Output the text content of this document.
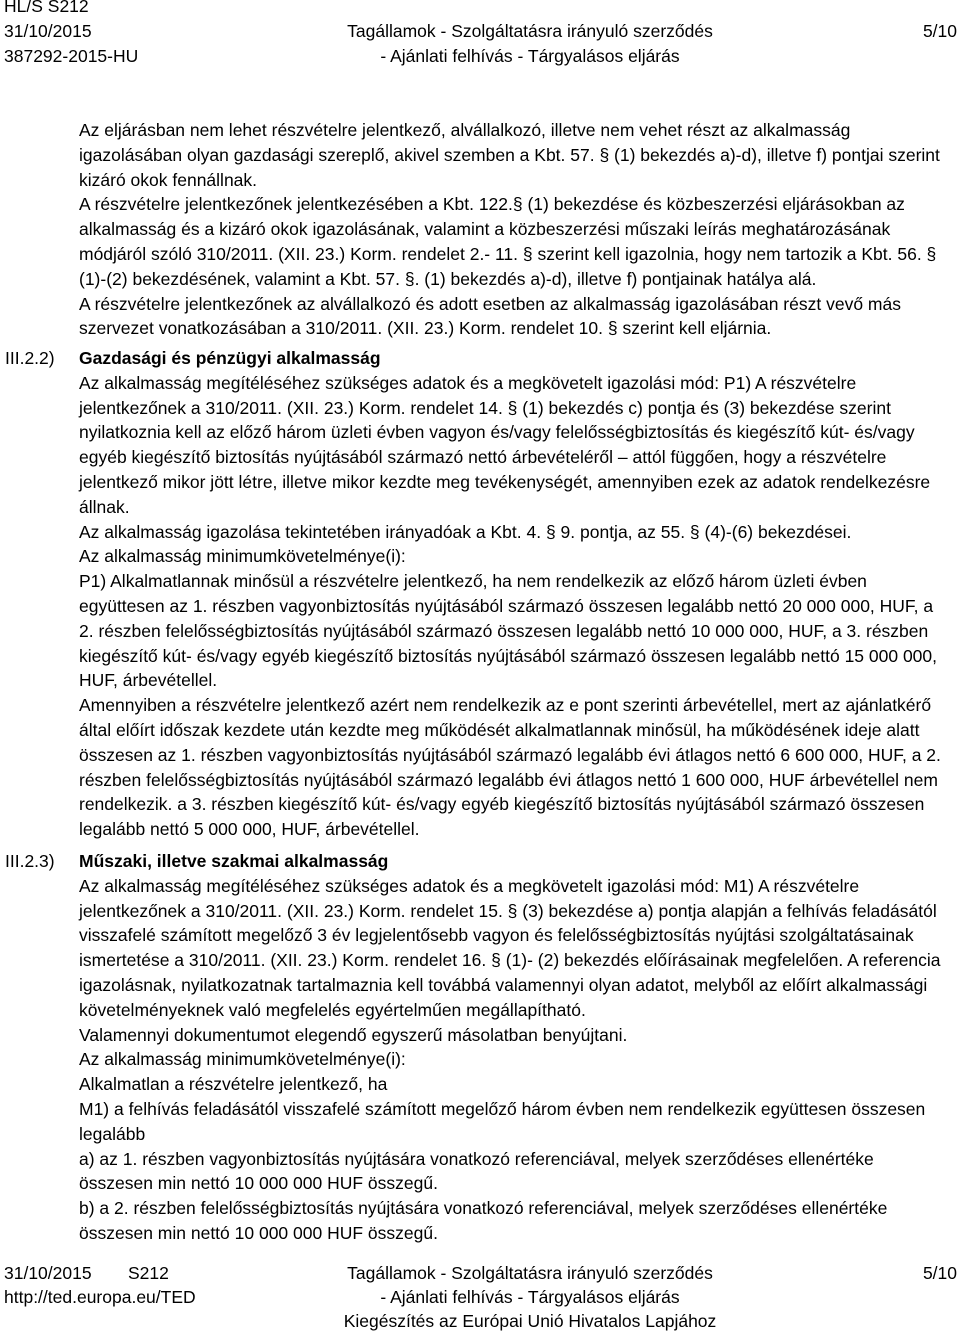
HL/S S212
31/10/2015
387292-2015-HU
Tagállamok - Szolgáltatásra irányuló szerződés
- Ajánlati felhívás - Tárgyalásos eljárás
5/10
Az eljárásban nem lehet részvételre jelentkező, alvállalkozó, illetve nem vehet részt az alkalmasság
igazolásában olyan gazdasági szereplő, akivel szemben a Kbt. 57. § (1) bekezdés a)-d), illetve f) pontjai szerint
kizáró okok fennállnak.
A részvételre jelentkezőnek jelentkezésében a Kbt. 122.§ (1) bekezdése és közbeszerzési eljárásokban az
alkalmasság és a kizáró okok igazolásának, valamint a közbeszerzési műszaki leírás meghatározásának
módjáról szóló 310/2011. (XII. 23.) Korm. rendelet 2.- 11. § szerint kell igazolnia, hogy nem tartozik a Kbt. 56. §
(1)-(2) bekezdésének, valamint a Kbt. 57. §. (1) bekezdés a)-d), illetve f) pontjainak hatálya alá.
A részvételre jelentkezőnek az alvállalkozó és adott esetben az alkalmasság igazolásában részt vevő más
szervezet vonatkozásában a 310/2011. (XII. 23.) Korm. rendelet 10. § szerint kell eljárnia.
III.2.2) Gazdasági és pénzügyi alkalmasság
Az alkalmasság megítéléséhez szükséges adatok és a megkövetelt igazolási mód: P1) A részvételre
jelentkezőnek a 310/2011. (XII. 23.) Korm. rendelet 14. § (1) bekezdés c) pontja és (3) bekezdése szerint
nyilatkoznia kell az előző három üzleti évben vagyon és/vagy felelősségbiztosítás és kiegészítő kút- és/vagy
egyéb kiegészítő biztosítás nyújtásából származó nettó árbevételéről – attól függően, hogy a részvételre
jelentkező mikor jött létre, illetve mikor kezdte meg tevékenységét, amennyiben ezek az adatok rendelkezésre
állnak.
Az alkalmasság igazolása tekintetében irányadóak a Kbt. 4. § 9. pontja, az 55. § (4)-(6) bekezdései.
Az alkalmasság minimumkövetelménye(i):
P1) Alkalmatlannak minősül a részvételre jelentkező, ha nem rendelkezik az előző három üzleti évben
együttesen az 1. részben vagyonbiztosítás nyújtásából származó összesen legalább nettó 20 000 000, HUF, a
2. részben felelősségbiztosítás nyújtásából származó összesen legalább nettó 10 000 000, HUF, a 3. részben
kiegészítő kút- és/vagy egyéb kiegészítő biztosítás nyújtásából származó összesen legalább nettó 15 000 000,
HUF, árbevétellel.
Amennyiben a részvételre jelentkező azért nem rendelkezik az e pont szerinti árbevétellel, mert az ajánlatkérő
által előírt időszak kezdete után kezdte meg működését alkalmatlannak minősül, ha működésének ideje alatt
összesen az 1. részben vagyonbiztosítás nyújtásából származó legalább évi átlagos nettó 6 600 000, HUF, a 2.
részben felelősségbiztosítás nyújtásából származó legalább évi átlagos nettó 1 600 000, HUF árbevétellel nem
rendelkezik. a 3. részben kiegészítő kút- és/vagy egyéb kiegészítő biztosítás nyújtásából származó összesen
legalább nettó 5 000 000, HUF, árbevétellel.
III.2.3) Műszaki, illetve szakmai alkalmasság
Az alkalmasság megítéléséhez szükséges adatok és a megkövetelt igazolási mód: M1) A részvételre
jelentkezőnek a 310/2011. (XII. 23.) Korm. rendelet 15. § (3) bekezdése a) pontja alapján a felhívás feladásától
visszafelé számított megelőző 3 év legjelentősebb vagyon és felelősségbiztosítás nyújtási szolgáltatásainak
ismertetése a 310/2011. (XII. 23.) Korm. rendelet 16. § (1)- (2) bekezdés előírásainak megfelelően. A referencia
igazolásnak, nyilatkozatnak tartalmaznia kell továbbá valamennyi olyan adatot, melyből az előírt alkalmassági
követelményeknek való megfelelés egyértelműen megállapítható.
Valamennyi dokumentumot elegendő egyszerű másolatban benyújtani.
Az alkalmasság minimumkövetelménye(i):
Alkalmatlan a részvételre jelentkező, ha
M1) a felhívás feladásától visszafelé számított megelőző három évben nem rendelkezik együttesen összesen
legalább
a) az 1. részben vagyonbiztosítás nyújtására vonatkozó referenciával, melyek szerződéses ellenértéke
összesen min nettó 10 000 000 HUF összegű.
b) a 2. részben felelősségbiztosítás nyújtására vonatkozó referenciával, melyek szerződéses ellenértéke
összesen min nettó 10 000 000 HUF összegű.
31/10/2015 S212
http://ted.europa.eu/TED
Tagállamok - Szolgáltatásra irányuló szerződés
- Ajánlati felhívás - Tárgyalásos eljárás
Kiegészítés az Európai Unió Hivatalos Lapjához
5/10
